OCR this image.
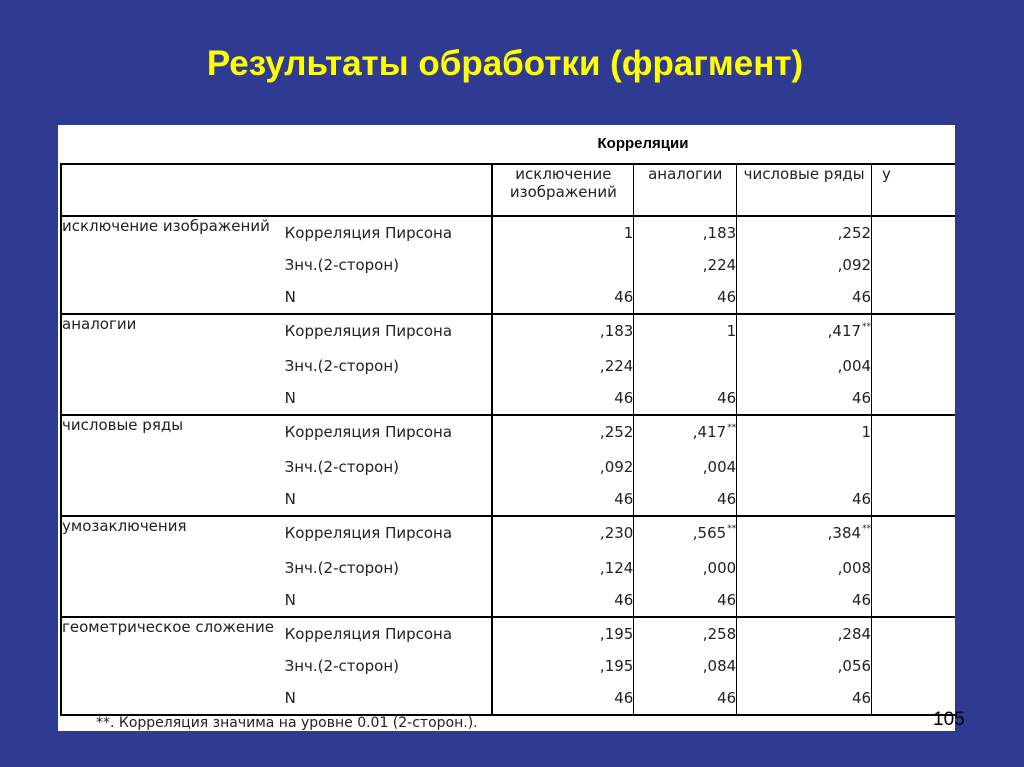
Результаты обработки (фрагмент)
Корреляции
		исключение изображений	аналогии	числовые ряды	у
исключение изображений	Корреляция Пирсона	1	,183	,252	
	Знч.(2-сторон)		,224	,092	
	N	46	46	46	
аналогии	Корреляция Пирсона	,183	1	,417**	
	Знч.(2-сторон)	,224		,004	
	N	46	46	46	
числовые ряды	Корреляция Пирсона	,252	,417**	1	
	Знч.(2-сторон)	,092	,004		
	N	46	46	46	
умозаключения	Корреляция Пирсона	,230	,565**	,384**	
	Знч.(2-сторон)	,124	,000	,008	
	N	46	46	46	
геометрическое сложение	Корреляция Пирсона	,195	,258	,284	
	Знч.(2-сторон)	,195	,084	,056	
	N	46	46	46	
**. Корреляция значима на уровне 0.01 (2-сторон.).	105
